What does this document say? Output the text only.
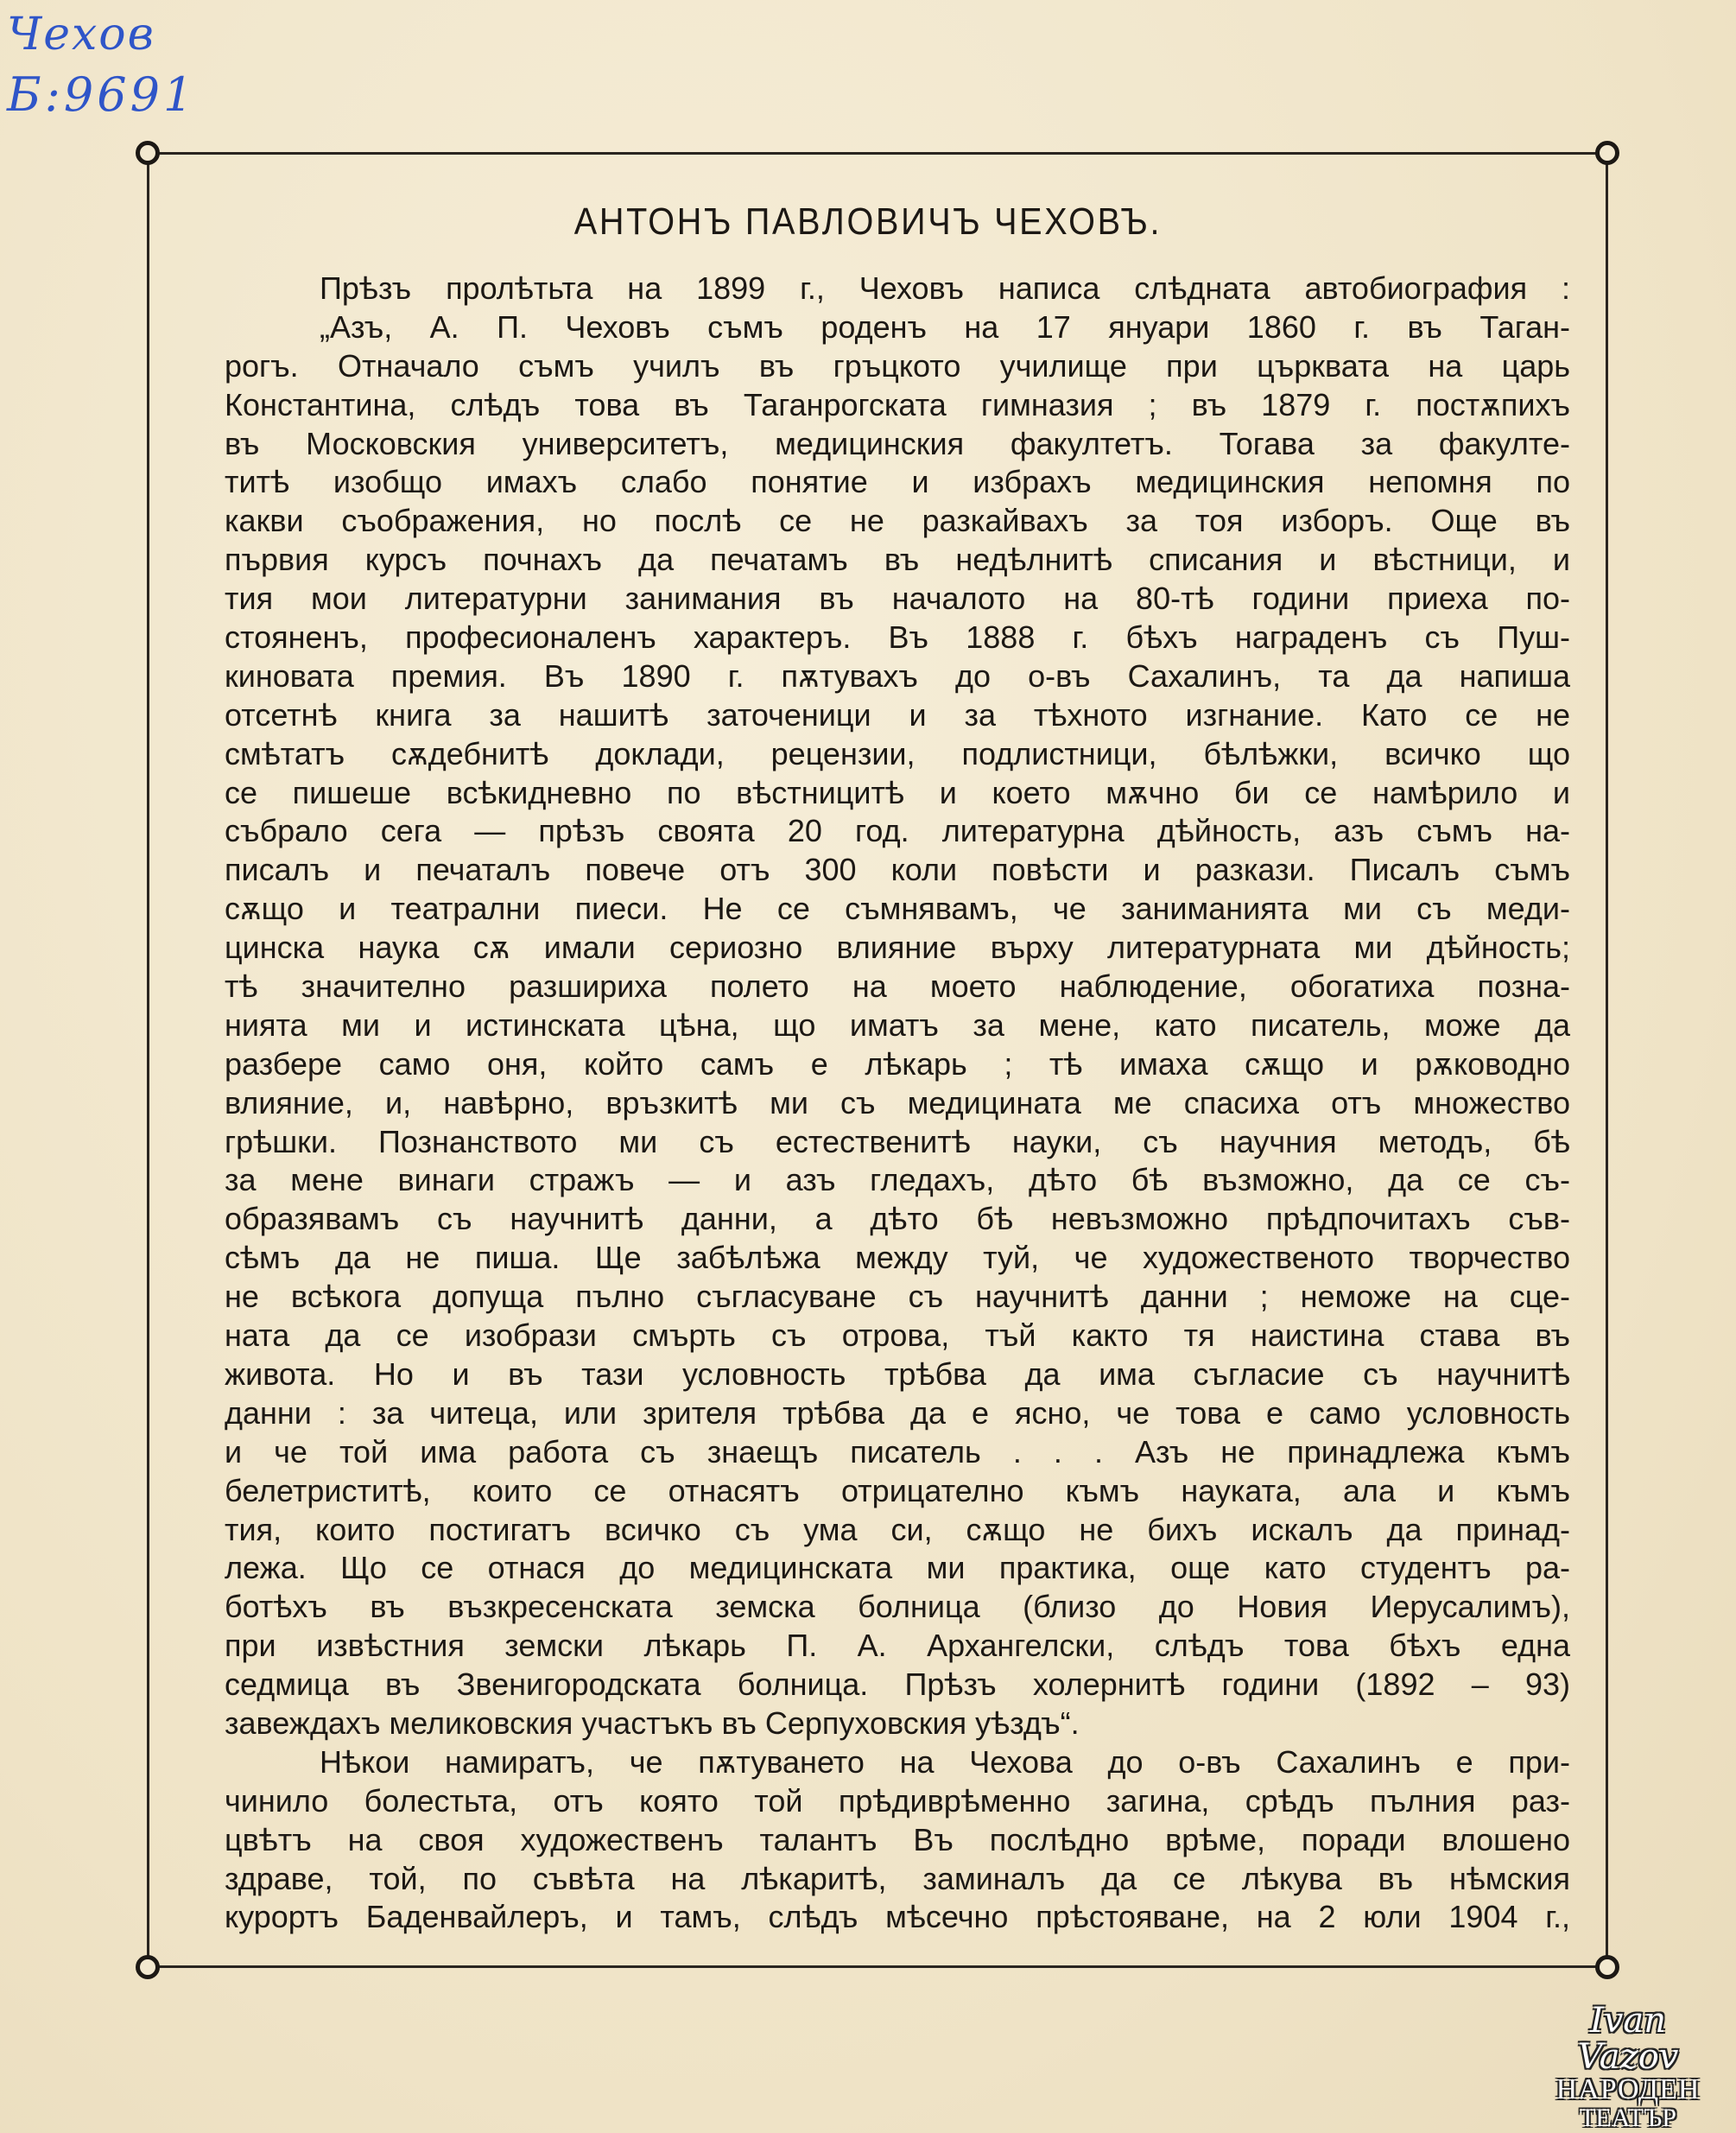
Чехов
Б:9691
АНТОНЪ ПАВЛОВИЧЪ ЧЕХОВЪ.
Прѣзъ пролѣтьта на 1899 г., Чеховъ написа слѣдната автобиография :
„Азъ, А. П. Чеховъ съмъ роденъ на 17 януари 1860 г. въ Таган-
рогъ. Отначало съмъ училъ въ гръцкото училище при църквата на царь
Константина, слѣдъ това въ Таганрогската гимназия ; въ 1879 г. постѫпихъ
въ Московския университетъ, медицинския факултетъ. Тогава за факулте-
титѣ изобщо имахъ слабо понятие и избрахъ медицинския непомня по
какви съображения, но послѣ се не разкайвахъ за тоя изборъ. Още въ
първия курсъ почнахъ да печатамъ въ недѣлнитѣ списания и вѣстници, и
тия мои литературни занимания въ началото на 80-тѣ години приеха по-
стояненъ, професионаленъ характеръ. Въ 1888 г. бѣхъ награденъ съ Пуш-
киновата премия. Въ 1890 г. пѫтувахъ до о-въ Сахалинъ, та да напиша
отсетнѣ книга за нашитѣ заточеници и за тѣхното изгнание. Като се не
смѣтатъ сѫдебнитѣ доклади, рецензии, подлистници, бѣлѣжки, всичко що
се пишеше всѣкидневно по вѣстницитѣ и което мѫчно би се намѣрило и
събрало сега — прѣзъ своята 20 год. литературна дѣйность, азъ съмъ на-
писалъ и печаталъ повече отъ 300 коли повѣсти и разкази. Писалъ съмъ
сѫщо и театрални пиеси. Не се съмнявамъ, че заниманията ми съ меди-
цинска наука сѫ имали сериозно влияние върху литературната ми дѣйность;
тѣ значително разшириха полето на моето наблюдение, обогатиха позна-
нията ми и истинската цѣна, що иматъ за мене, като писатель, може да
разбере само оня, който самъ е лѣкарь ; тѣ имаха сѫщо и рѫководно
влияние, и, навѣрно, връзкитѣ ми съ медицината ме спасиха отъ множество
грѣшки. Познанството ми съ естественитѣ науки, съ научния методъ, бѣ
за мене винаги стражъ — и азъ гледахъ, дѣто бѣ възможно, да се съ-
образявамъ съ научнитѣ данни, а дѣто бѣ невъзможно прѣдпочитахъ съв-
сѣмъ да не пиша. Ще забѣлѣжа между туй, че художественото творчество
не всѣкога допуща пълно съгласуване съ научнитѣ данни ; неможе на сце-
ната да се изобрази смърть съ отрова, тъй както тя наистина става въ
живота. Но и въ тази условность трѣбва да има съгласие съ научнитѣ
данни : за читеца, или зрителя трѣбва да е ясно, че това е само условность
и че той има работа съ знаещъ писатель . . . Азъ не принадлежа къмъ
белетриститѣ, които се отнасятъ отрицателно къмъ науката, ала и къмъ
тия, които постигатъ всичко съ ума си, сѫщо не бихъ искалъ да принад-
лежа. Що се отнася до медицинската ми практика, още като студентъ ра-
ботѣхъ въ възкресенската земска болница (близо до Новия Иерусалимъ),
при извѣстния земски лѣкарь П. А. Архангелски, слѣдъ това бѣхъ една
седмица въ Звенигородската болница. Прѣзъ холернитѣ години (1892 – 93)
завеждахъ меликовския участъкъ въ Серпуховския уѣздъ“.
Нѣкои намиратъ, че пѫтуването на Чехова до о-въ Сахалинъ е при-
чинило болестьта, отъ която той прѣдиврѣменно загина, срѣдъ пълния раз-
цвѣтъ на своя художественъ талантъ Въ послѣдно врѣме, поради влошено
здраве, той, по съвѣта на лѣкаритѣ, заминалъ да се лѣкува въ нѣмския
курортъ Баденвайлеръ, и тамъ, слѣдъ мѣсечно прѣстояване, на 2 юли 1904 г.,
Ivan Vazov
НАРОДЕН
ТЕАТЪР
